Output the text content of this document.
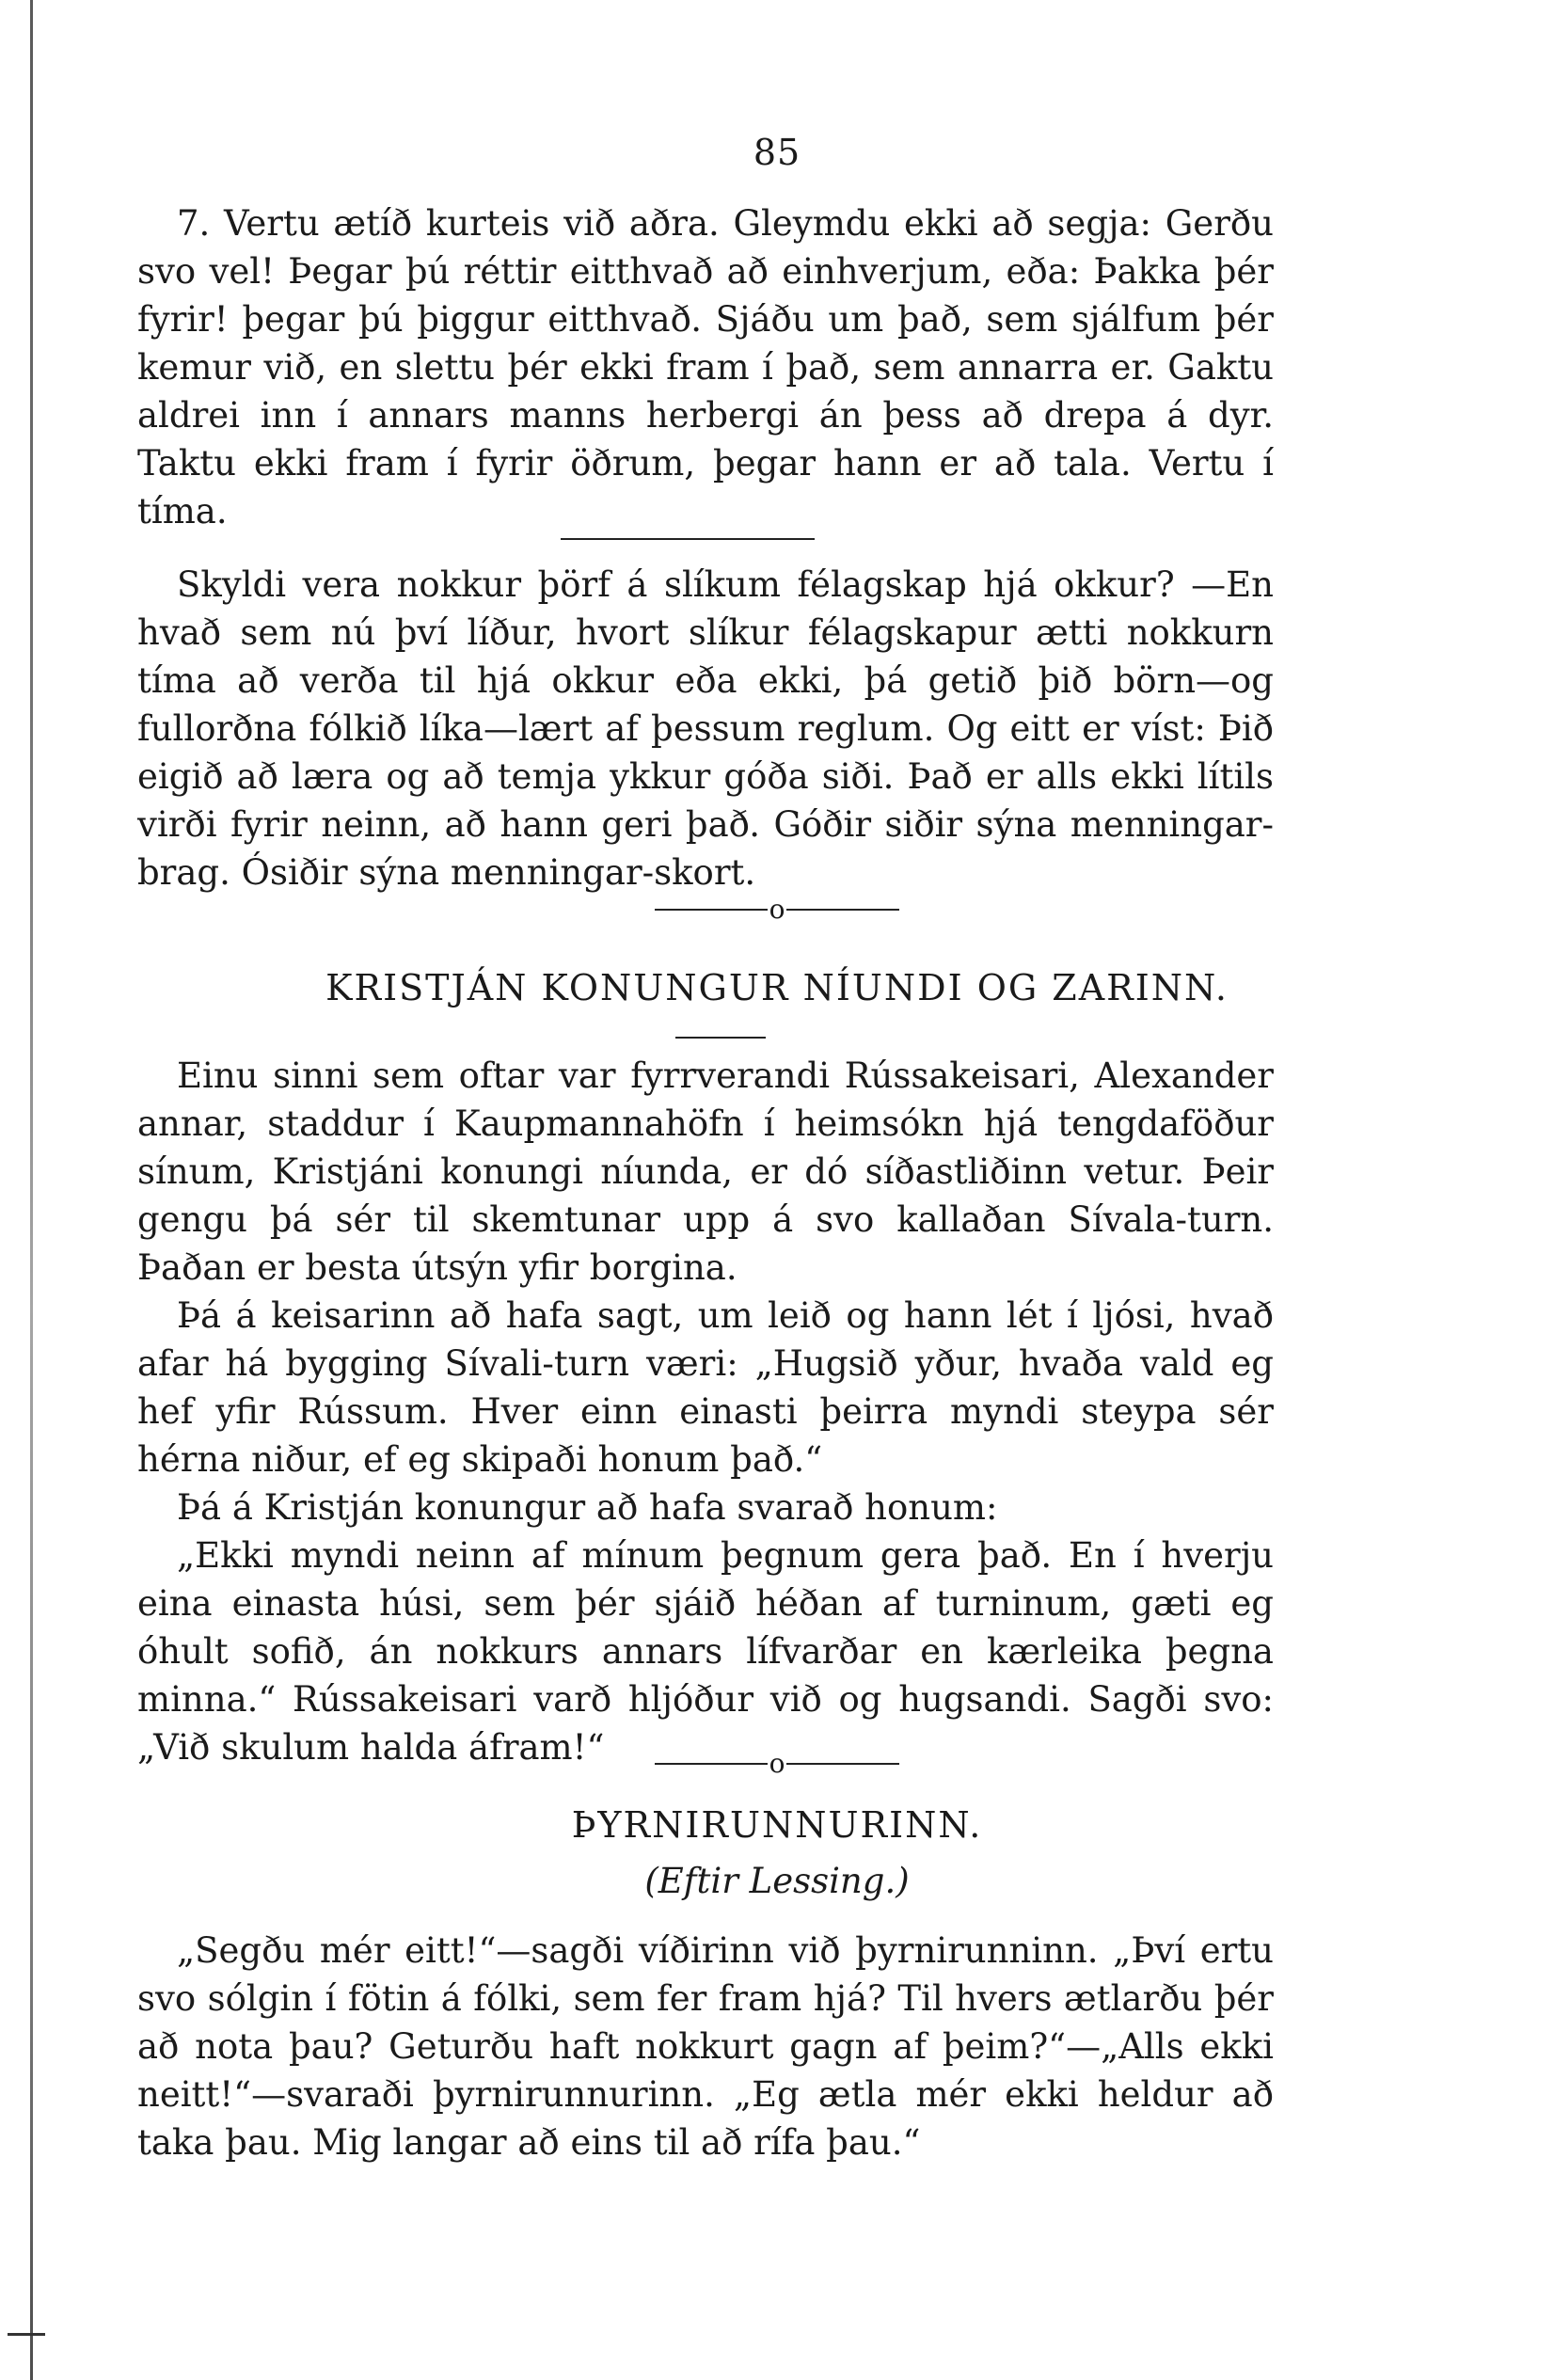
85

7. Vertu ætíð kurteis við aðra. Gleymdu ekki að segja: Gerðu svo vel! Þegar þú réttir eitthvað að einhverjum, eða: Þakka þér fyrir! þegar þú þiggur eitthvað. Sjáðu um það, sem sjálfum þér kemur við, en slettu þér ekki fram í það, sem annarra er. Gaktu aldrei inn í annars manns herbergi án þess að drepa á dyr. Taktu ekki fram í fyrir öðrum, þegar hann er að tala. Vertu í tíma.

Skyldi vera nokkur þörf á slíkum félagskap hjá okkur? —En hvað sem nú því líður, hvort slíkur félagskapur ætti nokkurn tíma að verða til hjá okkur eða ekki, þá getið þið börn—og fullorðna fólkið líka—lært af þessum reglum. Og eitt er víst: Þið eigið að læra og að temja ykkur góða siði. Það er alls ekki lítils virði fyrir neinn, að hann geri það. Góðir siðir sýna menningar-brag. Ósiðir sýna menningar-skort.

o
KRISTJÁN KONUNGUR NÍUNDI OG ZARINN.

Einu sinni sem oftar var fyrrverandi Rússakeisari, Alexander annar, staddur í Kaupmannahöfn í heimsókn hjá tengdaföður sínum, Kristjáni konungi níunda, er dó síðastliðinn vetur. Þeir gengu þá sér til skemtunar upp á svo kallaðan Sívala-turn. Þaðan er besta útsýn yfir borgina.

Þá á keisarinn að hafa sagt, um leið og hann lét í ljósi, hvað afar há bygging Sívali-turn væri: „Hugsið yður, hvaða vald eg hef yfir Rússum. Hver einn einasti þeirra myndi steypa sér hérna niður, ef eg skipaði honum það.“

Þá á Kristján konungur að hafa svarað honum:

„Ekki myndi neinn af mínum þegnum gera það. En í hverju eina einasta húsi, sem þér sjáið héðan af turninum, gæti eg óhult sofið, án nokkurs annars lífvarðar en kærleika þegna minna.“ Rússakeisari varð hljóður við og hugsandi. Sagði svo: „Við skulum halda áfram!“	o
ÞYRNIRUNNURINN.
(Eftir Lessing.)

„Segðu mér eitt!“—sagði víðirinn við þyrnirunninn. „Því ertu svo sólgin í fötin á fólki, sem fer fram hjá? Til hvers ætlarðu þér að nota þau? Geturðu haft nokkurt gagn af þeim?“—„Alls ekki neitt!“—svaraði þyrnirunnurinn. „Eg ætla mér ekki heldur að taka þau. Mig langar að eins til að rífa þau.“
